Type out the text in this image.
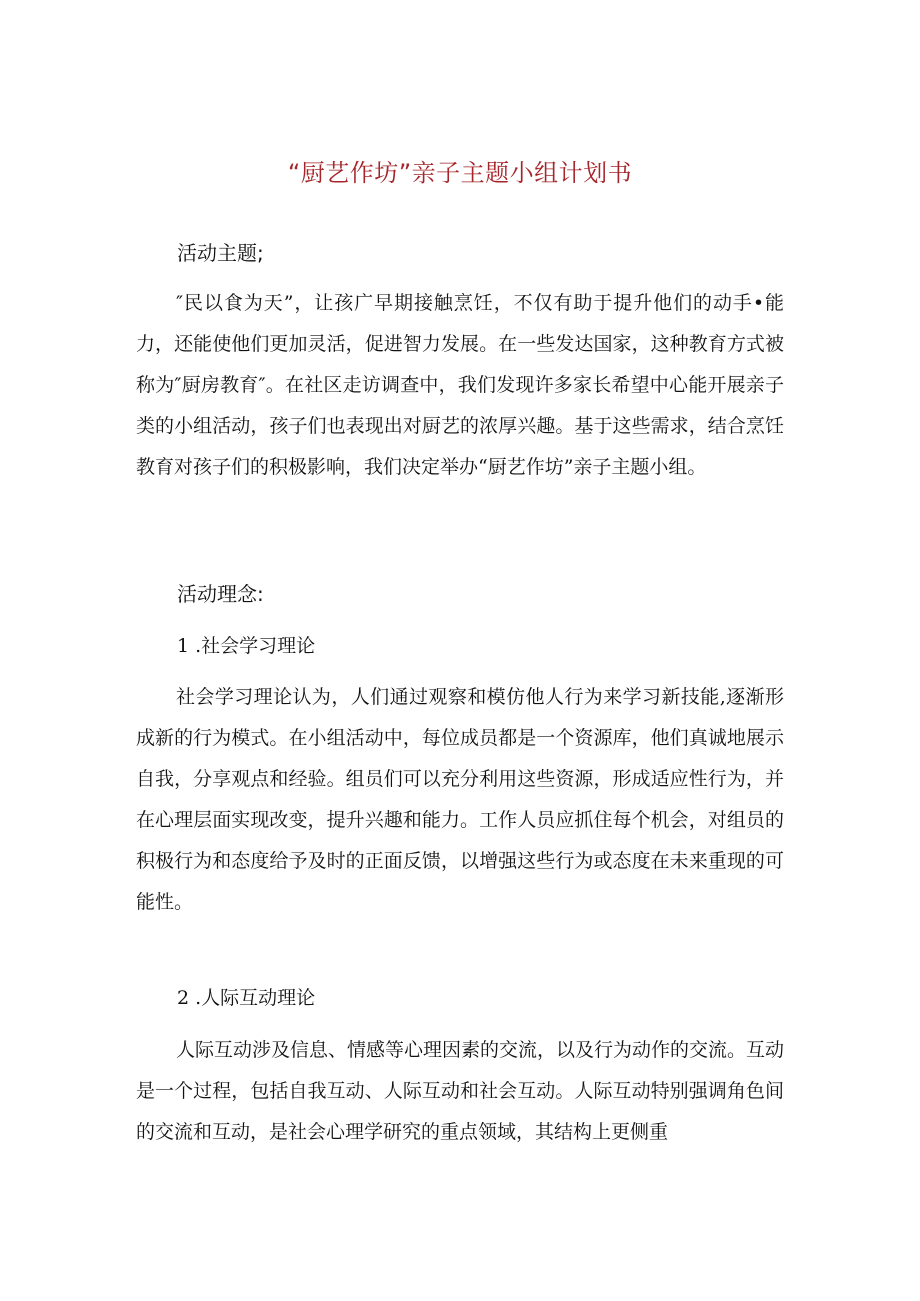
“厨艺作坊”亲子主题小组计划书
活动主题;

″民以食为天”，让孩广早期接触烹饪，不仅有助于提升他们的动手•能力，还能使他们更加灵活，促进智力发展。在一些发达国家，这种教育方式被称为″厨房教育″。在社区走访调查中，我们发现许多家长希望中心能开展亲子类的小组活动，孩子们也表现出对厨艺的浓厚兴趣。基于这些需求，结合烹饪教育对孩子们的积极影响，我们决定举办“厨艺作坊”亲子主题小组。

活动理念:
1 .社会学习理论

社会学习理论认为，人们通过观察和模仿他人行为来学习新技能,逐渐形成新的行为模式。在小组活动中，每位成员都是一个资源库，他们真诚地展示自我，分享观点和经验。组员们可以充分利用这些资源，形成适应性行为，并在心理层面实现改变，提升兴趣和能力。工作人员应抓住每个机会，对组员的积极行为和态度给予及时的正面反馈，以增强这些行为或态度在未来重现的可能性。

2 .人际互动理论

人际互动涉及信息、情感等心理因素的交流，以及行为动作的交流。互动是一个过程，包括自我互动、人际互动和社会互动。人际互动特别强调角色间的交流和互动，是社会心理学研究的重点领域，其结构上更侧重
